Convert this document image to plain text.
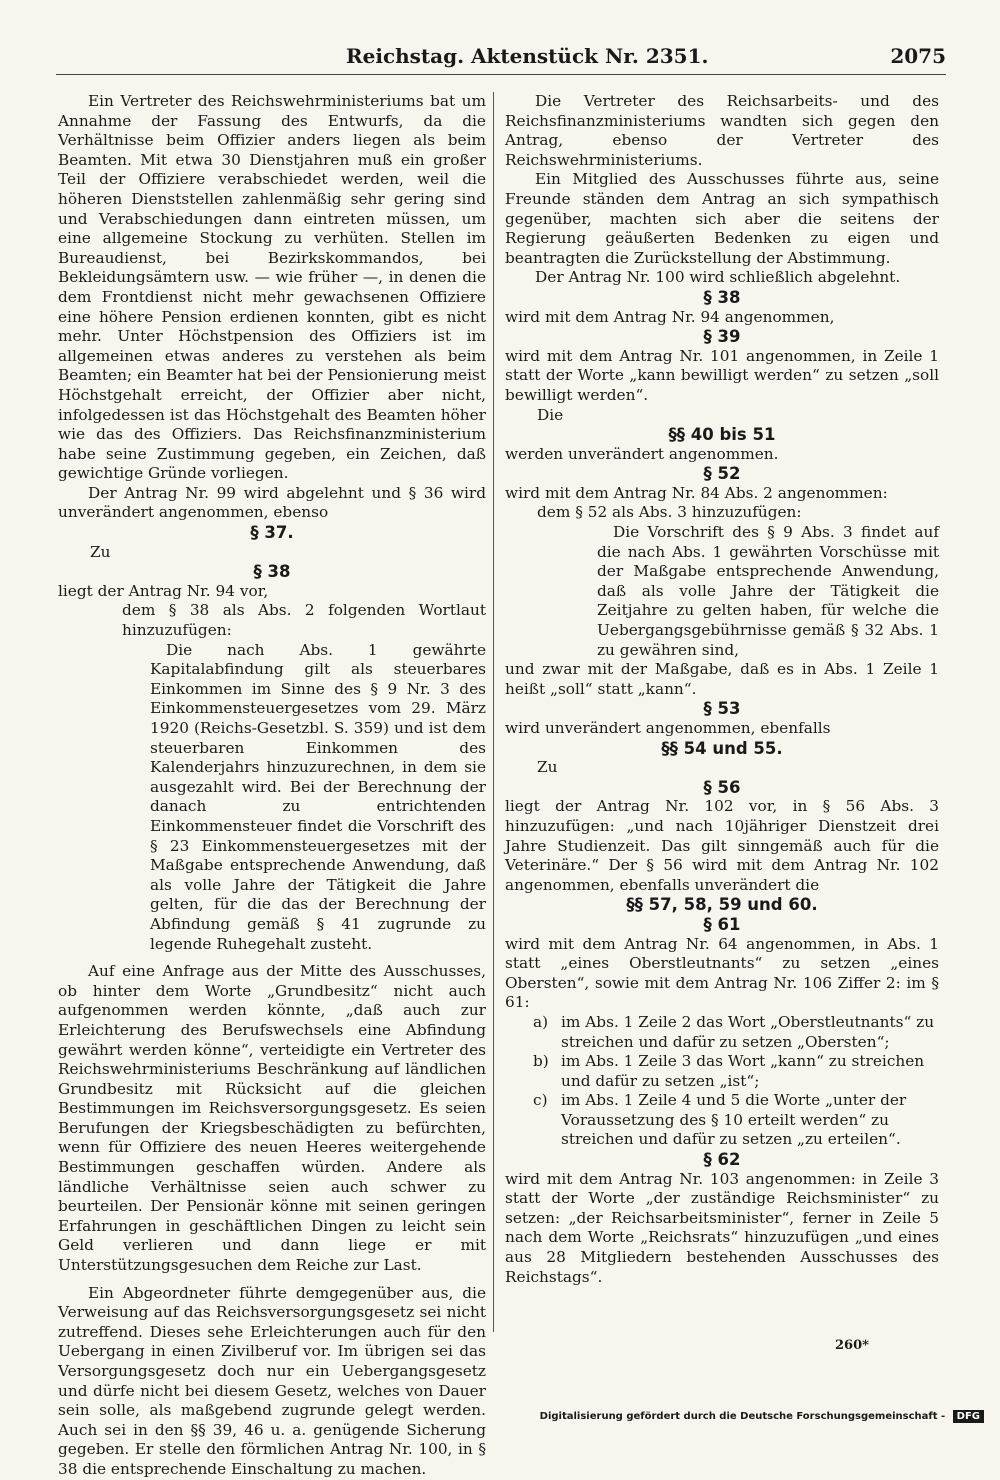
Reichstag. Aktenstück Nr. 2351.	2075

Ein Vertreter des Reichswehrministeriums bat um Annahme der Fassung des Entwurfs, da die Verhältnisse beim Offizier anders liegen als beim Beamten. Mit etwa 30 Dienstjahren muß ein großer Teil der Offiziere verabschiedet werden, weil die höheren Dienststellen zahlenmäßig sehr gering sind und Verabschiedungen dann eintreten müssen, um eine allgemeine Stockung zu verhüten. Stellen im Bureaudienst, bei Bezirkskommandos, bei Bekleidungsämtern usw. — wie früher —, in denen die dem Frontdienst nicht mehr gewachsenen Offiziere eine höhere Pension erdienen konnten, gibt es nicht mehr. Unter Höchstpension des Offiziers ist im allgemeinen etwas anderes zu verstehen als beim Beamten; ein Beamter hat bei der Pensionierung meist Höchstgehalt erreicht, der Offizier aber nicht, infolgedessen ist das Höchstgehalt des Beamten höher wie das des Offiziers. Das Reichsfinanzministerium habe seine Zustimmung gegeben, ein Zeichen, daß gewichtige Gründe vorliegen.

Der Antrag Nr. 99 wird abgelehnt und § 36 wird unverändert angenommen, ebenso

§ 37.

Zu

§ 38

liegt der Antrag Nr. 94 vor,

dem § 38 als Abs. 2 folgenden Wortlaut hinzuzufügen:

Die nach Abs. 1 gewährte Kapitalabfindung gilt als steuerbares Einkommen im Sinne des § 9 Nr. 3 des Einkommensteuergesetzes vom 29. März 1920 (Reichs-Gesetzbl. S. 359) und ist dem steuerbaren Einkommen des Kalenderjahrs hinzuzurechnen, in dem sie ausgezahlt wird. Bei der Berechnung der danach zu entrichtenden Einkommensteuer findet die Vorschrift des § 23 Einkommensteuergesetzes mit der Maßgabe entsprechende Anwendung, daß als volle Jahre der Tätigkeit die Jahre gelten, für die das der Berechnung der Abfindung gemäß § 41 zugrunde zu legende Ruhegehalt zusteht.

Auf eine Anfrage aus der Mitte des Ausschusses, ob hinter dem Worte „Grundbesitz“ nicht auch aufgenommen werden könnte, „daß auch zur Erleichterung des Berufswechsels eine Abfindung gewährt werden könne“, verteidigte ein Vertreter des Reichswehrministeriums Beschränkung auf ländlichen Grundbesitz mit Rücksicht auf die gleichen Bestimmungen im Reichsversorgungsgesetz. Es seien Berufungen der Kriegsbeschädigten zu befürchten, wenn für Offiziere des neuen Heeres weitergehende Bestimmungen geschaffen würden. Andere als ländliche Verhältnisse seien auch schwer zu beurteilen. Der Pensionär könne mit seinen geringen Erfahrungen in geschäftlichen Dingen zu leicht sein Geld verlieren und dann liege er mit Unterstützungsgesuchen dem Reiche zur Last.

Ein Abgeordneter führte demgegenüber aus, die Verweisung auf das Reichsversorgungsgesetz sei nicht zutreffend. Dieses sehe Erleichterungen auch für den Uebergang in einen Zivilberuf vor. Im übrigen sei das Versorgungsgesetz doch nur ein Uebergangsgesetz und dürfe nicht bei diesem Gesetz, welches von Dauer sein solle, als maßgebend zugrunde gelegt werden. Auch sei in den §§ 39, 46 u. a. genügende Sicherung gegeben. Er stelle den förmlichen Antrag Nr. 100, in § 38 die entsprechende Einschaltung zu machen.

Die Vertreter des Reichsarbeits- und des Reichsfinanzministeriums wandten sich gegen den Antrag, ebenso der Vertreter des Reichswehrministeriums.

Ein Mitglied des Ausschusses führte aus, seine Freunde ständen dem Antrag an sich sympathisch gegenüber, machten sich aber die seitens der Regierung geäußerten Bedenken zu eigen und beantragten die Zurückstellung der Abstimmung.

Der Antrag Nr. 100 wird schließlich abgelehnt.

§ 38

wird mit dem Antrag Nr. 94 angenommen,

§ 39

wird mit dem Antrag Nr. 101 angenommen, in Zeile 1 statt der Worte „kann bewilligt werden“ zu setzen „soll bewilligt werden“.

Die

§§ 40 bis 51

werden unverändert angenommen.

§ 52

wird mit dem Antrag Nr. 84 Abs. 2 angenommen:

dem § 52 als Abs. 3 hinzuzufügen:

Die Vorschrift des § 9 Abs. 3 findet auf die nach Abs. 1 gewährten Vorschüsse mit der Maßgabe entsprechende Anwendung, daß als volle Jahre der Tätigkeit die Zeitjahre zu gelten haben, für welche die Uebergangsgebührnisse gemäß § 32 Abs. 1 zu gewähren sind,

und zwar mit der Maßgabe, daß es in Abs. 1 Zeile 1 heißt „soll“ statt „kann“.

§ 53

wird unverändert angenommen, ebenfalls

§§ 54 und 55.

Zu

§ 56

liegt der Antrag Nr. 102 vor, in § 56 Abs. 3 hinzuzufügen: „und nach 10jähriger Dienstzeit drei Jahre Studienzeit. Das gilt sinngemäß auch für die Veterinäre.“ Der § 56 wird mit dem Antrag Nr. 102 angenommen, ebenfalls unverändert die

§§ 57, 58, 59 und 60.

§ 61

wird mit dem Antrag Nr. 64 angenommen, in Abs. 1 statt „eines Oberstleutnants“ zu setzen „eines Obersten“, sowie mit dem Antrag Nr. 106 Ziffer 2: im § 61:

a) im Abs. 1 Zeile 2 das Wort „Oberstleutnants“ zu streichen und dafür zu setzen „Obersten“;
b) im Abs. 1 Zeile 3 das Wort „kann“ zu streichen und dafür zu setzen „ist“;
c) im Abs. 1 Zeile 4 und 5 die Worte „unter der Voraussetzung des § 10 erteilt werden“ zu streichen und dafür zu setzen „zu erteilen“.

§ 62

wird mit dem Antrag Nr. 103 angenommen: in Zeile 3 statt der Worte „der zuständige Reichsminister“ zu setzen: „der Reichsarbeitsminister“, ferner in Zeile 5 nach dem Worte „Reichsrats“ hinzuzufügen „und eines aus 28 Mitgliedern bestehenden Ausschusses des Reichstags“.

260*
Digitalisierung gefördert durch die Deutsche Forschungsgemeinschaft - DFG
